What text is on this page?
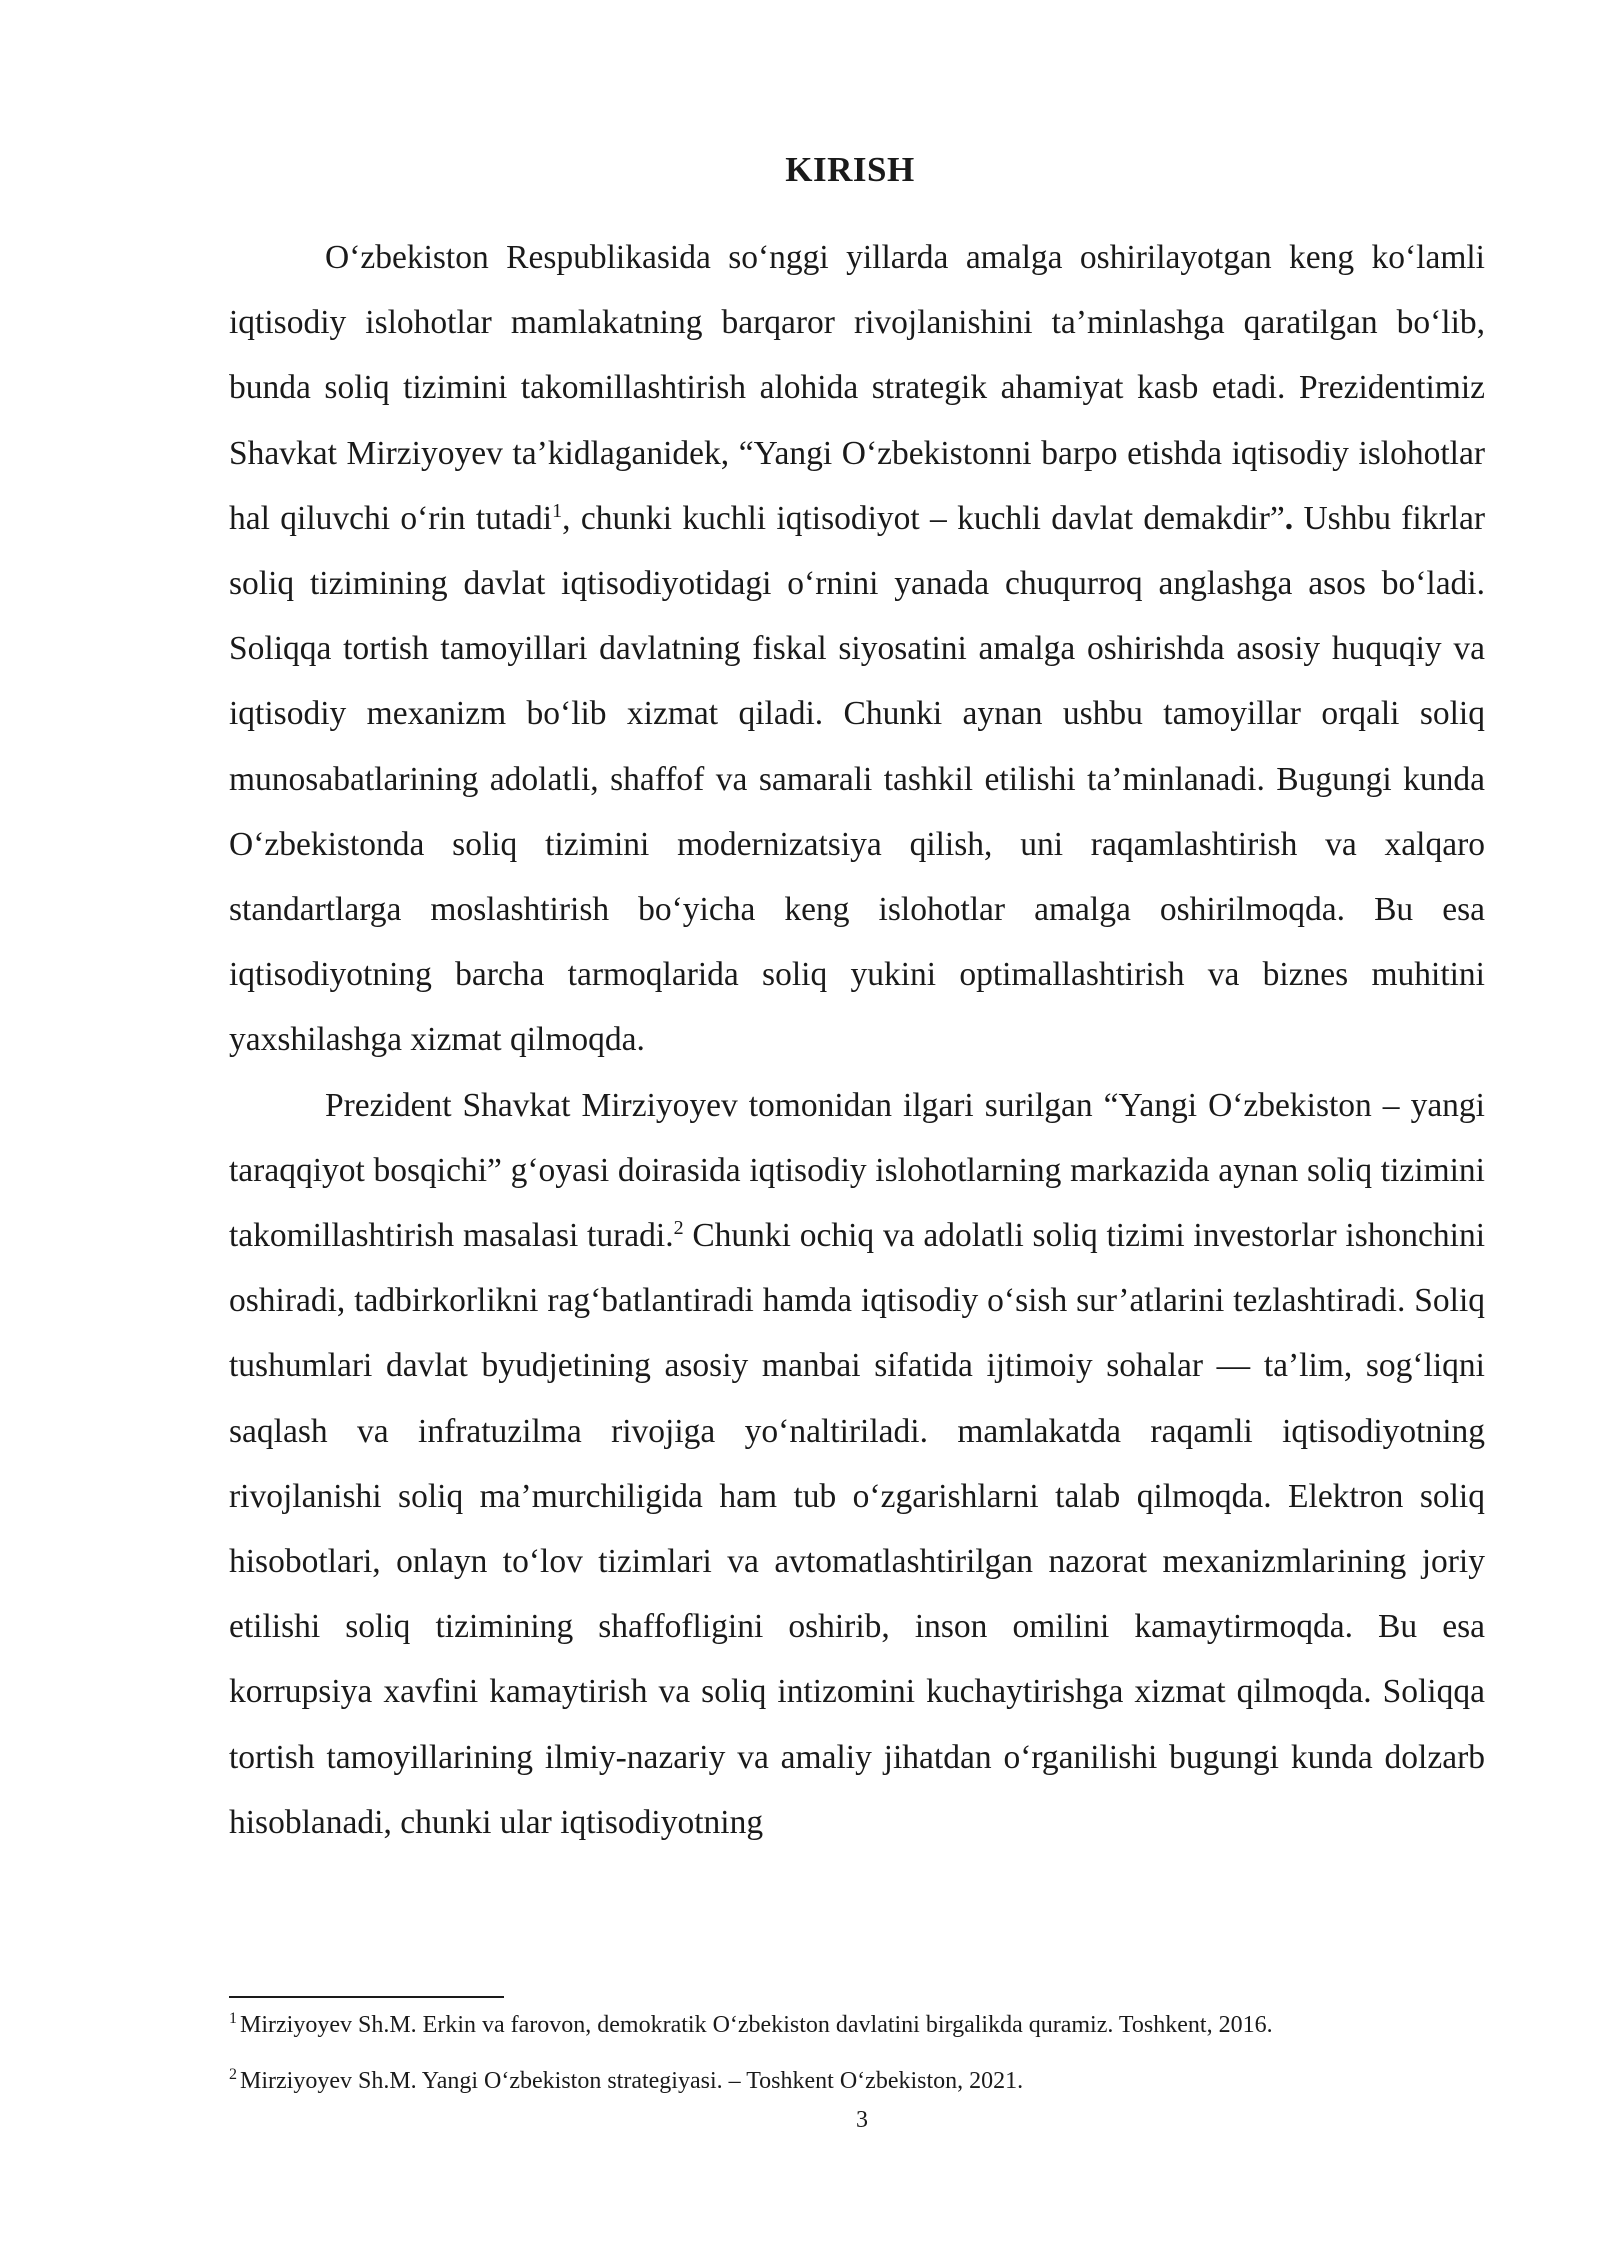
KIRISH

O‘zbekiston Respublikasida so‘nggi yillarda amalga oshirilayotgan keng ko‘lamli iqtisodiy islohotlar mamlakatning barqaror rivojlanishini ta’minlashga qaratilgan bo‘lib, bunda soliq tizimini takomillashtirish alohida strategik ahamiyat kasb etadi. Prezidentimiz Shavkat Mirziyoyev ta’kidlaganidek, “Yangi O‘zbekistonni barpo etishda iqtisodiy islohotlar hal qiluvchi o‘rin tutadi$^1$, chunki kuchli iqtisodiyot – kuchli davlat demakdir”. Ushbu fikrlar soliq tizimining davlat iqtisodiyotidagi o‘rnini yanada chuqurroq anglashga asos bo‘ladi. Soliqqa tortish tamoyillari davlatning fiskal siyosatini amalga oshirishda asosiy huquqiy va iqtisodiy mexanizm bo‘lib xizmat qiladi. Chunki aynan ushbu tamoyillar orqali soliq munosabatlarining adolatli, shaffof va samarali tashkil etilishi ta’minlanadi. Bugungi kunda O‘zbekistonda soliq tizimini modernizatsiya qilish, uni raqamlashtirish va xalqaro standartlarga moslashtirish bo‘yicha keng islohotlar amalga oshirilmoqda. Bu esa iqtisodiyotning barcha tarmoqlarida soliq yukini optimallashtirish va biznes muhitini yaxshilashga xizmat qilmoqda.

Prezident Shavkat Mirziyoyev tomonidan ilgari surilgan “Yangi O‘zbekiston – yangi taraqqiyot bosqichi” g‘oyasi doirasida iqtisodiy islohotlarning markazida aynan soliq tizimini takomillashtirish masalasi turadi.$^2$ Chunki ochiq va adolatli soliq tizimi investorlar ishonchini oshiradi, tadbirkorlikni rag‘batlantiradi hamda iqtisodiy o‘sish sur’atlarini tezlashtiradi. Soliq tushumlari davlat byudjetining asosiy manbai sifatida ijtimoiy sohalar — ta’lim, sog‘liqni saqlash va infratuzilma rivojiga yo‘naltiriladi. mamlakatda raqamli iqtisodiyotning rivojlanishi soliq ma’murchiligida ham tub o‘zgarishlarni talab qilmoqda. Elektron soliq hisobotlari, onlayn to‘lov tizimlari va avtomatlashtirilgan nazorat mexanizmlarining joriy etilishi soliq tizimining shaffofligini oshirib, inson omilini kamaytirmoqda. Bu esa korrupsiya xavfini kamaytirish va soliq intizomini kuchaytirishga xizmat qilmoqda. Soliqqa tortish tamoyillarining ilmiy-nazariy va amaliy jihatdan o‘rganilishi bugungi kunda dolzarb hisoblanadi, chunki ular iqtisodiyotning

$^1$ Mirziyoyev Sh.M. Erkin va farovon, demokratik O‘zbekiston davlatini birgalikda quramiz. Toshkent, 2016.
$^2$ Mirziyoyev Sh.M. Yangi O‘zbekiston strategiyasi. – Toshkent O‘zbekiston, 2021.
3
